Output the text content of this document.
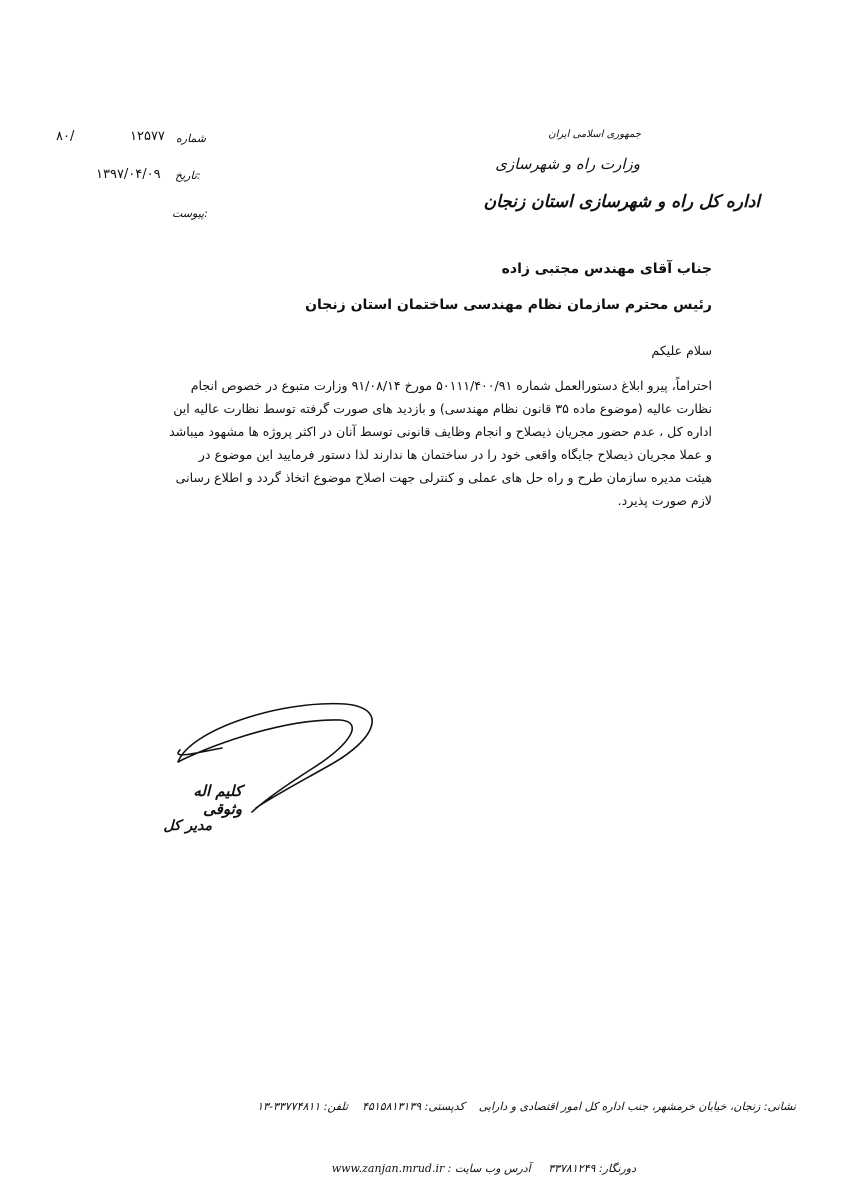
۸۰/	۱۲۵۷۷ شماره
۱۳۹۷/۰۴/۰۹ تاریخ:
پیوست:
جمهوری اسلامی ایران
وزارت راه و شهرسازی
اداره کل راه و شهرسازی استان زنجان
جناب آقای مهندس مجتبی زاده
رئیس محترم سازمان نظام مهندسی ساختمان استان زنجان
سلام علیکم
احتراماً، پیرو ابلاغ دستورالعمل شماره ۵۰۱۱۱/۴۰۰/۹۱ مورخ ۹۱/۰۸/۱۴ وزارت متبوع در خصوص انجام
نظارت عالیه (موضوع ماده ۳۵ قانون نظام مهندسی) و بازدید های صورت گرفته توسط نظارت عالیه این
اداره کل ، عدم حضور مجریان ذیصلاح و انجام وظایف قانونی توسط آنان در اکثر پروژه ها مشهود میباشد
و عملا مجریان ذیصلاح جایگاه واقعی خود را در ساختمان ها ندارند لذا دستور فرمایید این موضوع در
هیئت مدیره سازمان طرح و راه حل های عملی و کنترلی جهت اصلاح موضوع اتخاذ گردد و اطلاع رسانی
لازم صورت پذیرد.
کلیم اله وثوقی
مدیر کل
نشانی: زنجان، خیابان خرمشهر، جنب اداره کل امور اقتصادی و دارایی    کدپستی: ۴۵۱۵۸۱۳۱۳۹    تلفن: ۳۳۷۷۴۸۱۱-۱۳
دورنگار: ۳۳۷۸۱۲۴۹     آدرس وب سایت : www.zanjan.mrud.ir
